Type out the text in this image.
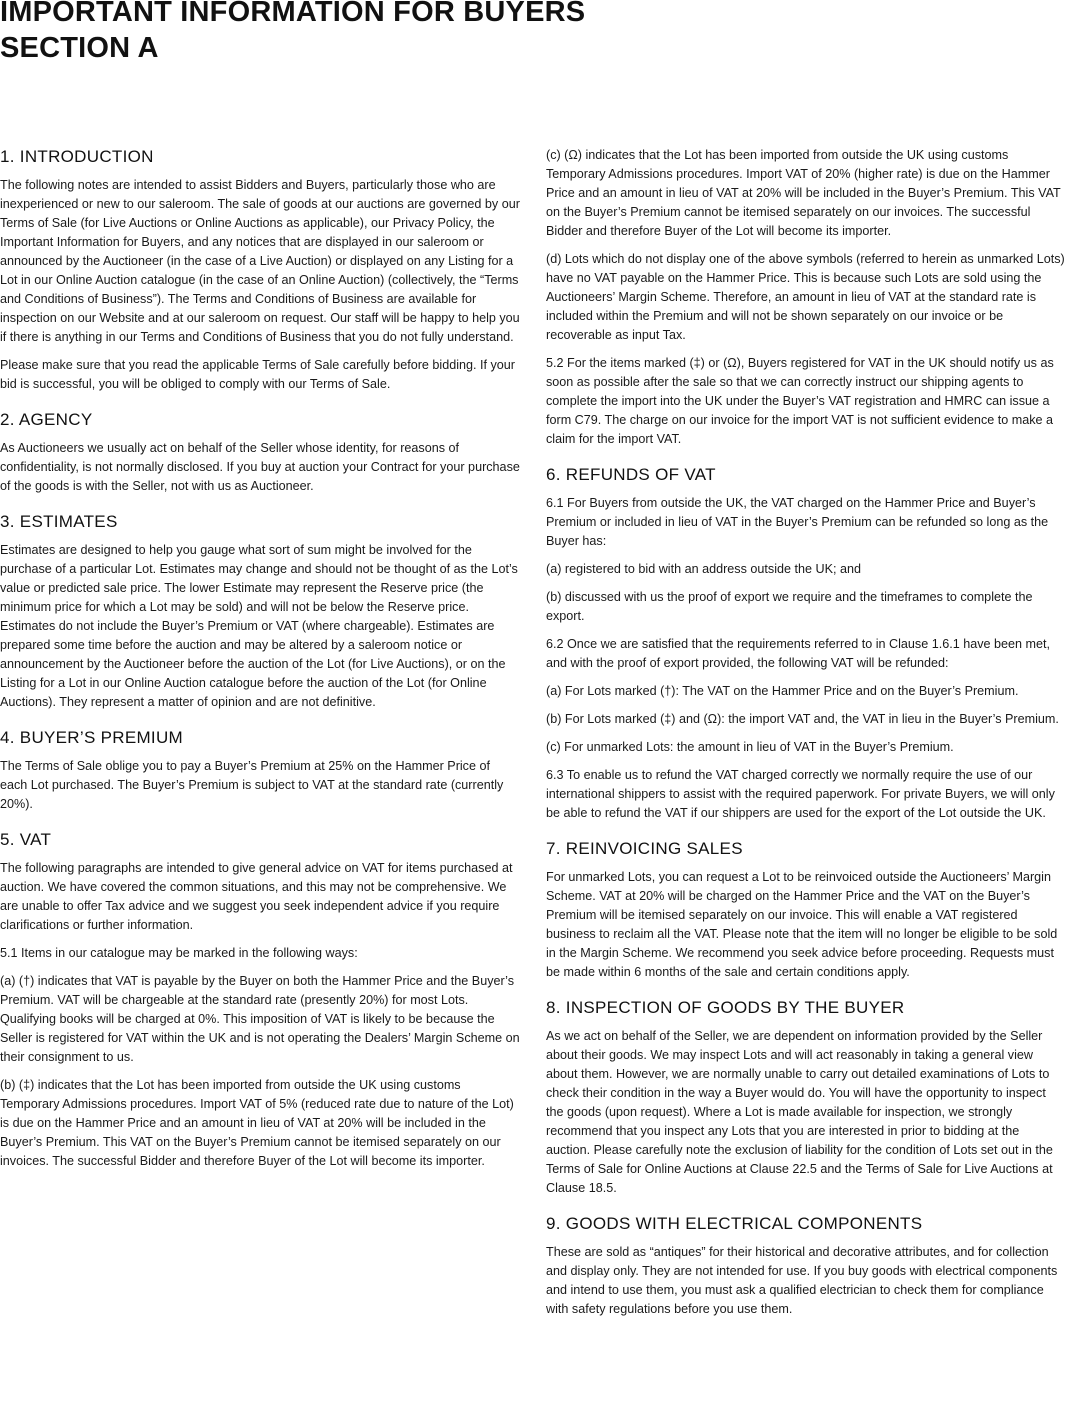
IMPORTANT INFORMATION FOR BUYERS
SECTION A
1. INTRODUCTION

The following notes are intended to assist Bidders and Buyers, particularly those who are inexperienced or new to our saleroom. The sale of goods at our auctions are governed by our Terms of Sale (for Live Auctions or Online Auctions as applicable), our Privacy Policy, the Important Information for Buyers, and any notices that are displayed in our saleroom or announced by the Auctioneer (in the case of a Live Auction) or displayed on any Listing for a Lot in our Online Auction catalogue (in the case of an Online Auction) (collectively, the “Terms and Conditions of Business”). The Terms and Conditions of Business are available for inspection on our Website and at our saleroom on request. Our staff will be happy to help you if there is anything in our Terms and Conditions of Business that you do not fully understand.

Please make sure that you read the applicable Terms of Sale carefully before bidding. If your bid is successful, you will be obliged to comply with our Terms of Sale.

2. AGENCY

As Auctioneers we usually act on behalf of the Seller whose identity, for reasons of confidentiality, is not normally disclosed. If you buy at auction your Contract for your purchase of the goods is with the Seller, not with us as Auctioneer.

3. ESTIMATES

Estimates are designed to help you gauge what sort of sum might be involved for the purchase of a particular Lot. Estimates may change and should not be thought of as the Lot’s value or predicted sale price. The lower Estimate may represent the Reserve price (the minimum price for which a Lot may be sold) and will not be below the Reserve price. Estimates do not include the Buyer’s Premium or VAT (where chargeable). Estimates are prepared some time before the auction and may be altered by a saleroom notice or announcement by the Auctioneer before the auction of the Lot (for Live Auctions), or on the Listing for a Lot in our Online Auction catalogue before the auction of the Lot (for Online Auctions). They represent a matter of opinion and are not definitive.

4. BUYER’S PREMIUM

The Terms of Sale oblige you to pay a Buyer’s Premium at 25% on the Hammer Price of each Lot purchased. The Buyer’s Premium is subject to VAT at the standard rate (currently 20%).

5. VAT

The following paragraphs are intended to give general advice on VAT for items purchased at auction. We have covered the common situations, and this may not be comprehensive. We are unable to offer Tax advice and we suggest you seek independent advice if you require clarifications or further information.

5.1 Items in our catalogue may be marked in the following ways:

(a) (†) indicates that VAT is payable by the Buyer on both the Hammer Price and the Buyer’s Premium. VAT will be chargeable at the standard rate (presently 20%) for most Lots. Qualifying books will be charged at 0%. This imposition of VAT is likely to be because the Seller is registered for VAT within the UK and is not operating the Dealers’ Margin Scheme on their consignment to us.

(b) (‡) indicates that the Lot has been imported from outside the UK using customs Temporary Admissions procedures. Import VAT of 5% (reduced rate due to nature of the Lot) is due on the Hammer Price and an amount in lieu of VAT at 20% will be included in the Buyer’s Premium. This VAT on the Buyer’s Premium cannot be itemised separately on our invoices. The successful Bidder and therefore Buyer of the Lot will become its importer.

(c) (Ω) indicates that the Lot has been imported from outside the UK using customs Temporary Admissions procedures. Import VAT of 20% (higher rate) is due on the Hammer Price and an amount in lieu of VAT at 20% will be included in the Buyer’s Premium. This VAT on the Buyer’s Premium cannot be itemised separately on our invoices. The successful Bidder and therefore Buyer of the Lot will become its importer.

(d) Lots which do not display one of the above symbols (referred to herein as unmarked Lots) have no VAT payable on the Hammer Price. This is because such Lots are sold using the Auctioneers’ Margin Scheme. Therefore, an amount in lieu of VAT at the standard rate is included within the Premium and will not be shown separately on our invoice or be recoverable as input Tax.

5.2 For the items marked (‡) or (Ω), Buyers registered for VAT in the UK should notify us as soon as possible after the sale so that we can correctly instruct our shipping agents to complete the import into the UK under the Buyer’s VAT registration and HMRC can issue a form C79. The charge on our invoice for the import VAT is not sufficient evidence to make a claim for the import VAT.

6. REFUNDS OF VAT

6.1 For Buyers from outside the UK, the VAT charged on the Hammer Price and Buyer’s Premium or included in lieu of VAT in the Buyer’s Premium can be refunded so long as the Buyer has:

(a) registered to bid with an address outside the UK; and

(b) discussed with us the proof of export we require and the timeframes to complete the export.

6.2 Once we are satisfied that the requirements referred to in Clause 1.6.1 have been met, and with the proof of export provided, the following VAT will be refunded:

(a) For Lots marked (†): The VAT on the Hammer Price and on the Buyer’s Premium.

(b) For Lots marked (‡) and (Ω): the import VAT and, the VAT in lieu in the Buyer’s Premium.

(c) For unmarked Lots: the amount in lieu of VAT in the Buyer’s Premium.

6.3 To enable us to refund the VAT charged correctly we normally require the use of our international shippers to assist with the required paperwork. For private Buyers, we will only be able to refund the VAT if our shippers are used for the export of the Lot outside the UK.

7. REINVOICING SALES

For unmarked Lots, you can request a Lot to be reinvoiced outside the Auctioneers’ Margin Scheme. VAT at 20% will be charged on the Hammer Price and the VAT on the Buyer’s Premium will be itemised separately on our invoice. This will enable a VAT registered business to reclaim all the VAT. Please note that the item will no longer be eligible to be sold in the Margin Scheme. We recommend you seek advice before proceeding. Requests must be made within 6 months of the sale and certain conditions apply.

8. INSPECTION OF GOODS BY THE BUYER

As we act on behalf of the Seller, we are dependent on information provided by the Seller about their goods. We may inspect Lots and will act reasonably in taking a general view about them. However, we are normally unable to carry out detailed examinations of Lots to check their condition in the way a Buyer would do. You will have the opportunity to inspect the goods (upon request). Where a Lot is made available for inspection, we strongly recommend that you inspect any Lots that you are interested in prior to bidding at the auction. Please carefully note the exclusion of liability for the condition of Lots set out in the Terms of Sale for Online Auctions at Clause 22.5 and the Terms of Sale for Live Auctions at Clause 18.5.

9. GOODS WITH ELECTRICAL COMPONENTS

These are sold as “antiques” for their historical and decorative attributes, and for collection and display only. They are not intended for use. If you buy goods with electrical components and intend to use them, you must ask a qualified electrician to check them for compliance with safety regulations before you use them.
